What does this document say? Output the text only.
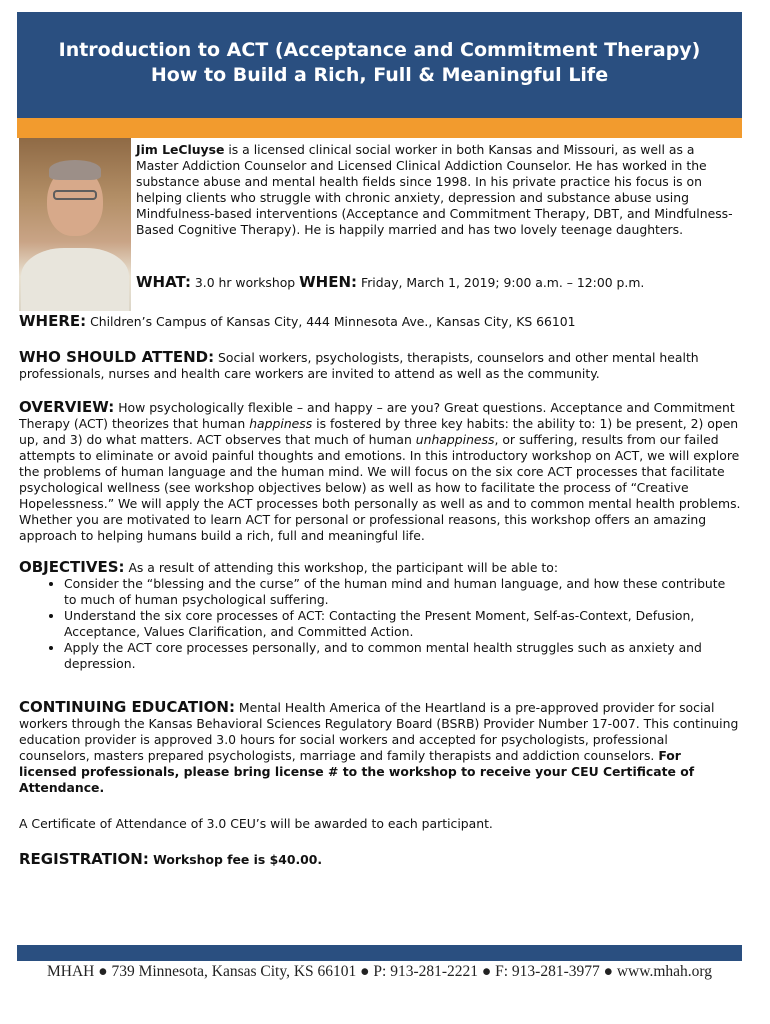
Introduction to ACT (Acceptance and Commitment Therapy)
How to Build a Rich, Full & Meaningful Life
Jim LeCluyse is a licensed clinical social worker in both Kansas and Missouri, as well as a Master Addiction Counselor and Licensed Clinical Addiction Counselor. He has worked in the substance abuse and mental health fields since 1998. In his private practice his focus is on helping clients who struggle with chronic anxiety, depression and substance abuse using Mindfulness-based interventions (Acceptance and Commitment Therapy, DBT, and Mindfulness-Based Cognitive Therapy). He is happily married and has two lovely teenage daughters.
WHAT: 3.0 hr workshop WHEN: Friday, March 1, 2019; 9:00 a.m. – 12:00 p.m.
WHERE: Children’s Campus of Kansas City, 444 Minnesota Ave., Kansas City, KS 66101
WHO SHOULD ATTEND: Social workers, psychologists, therapists, counselors and other mental health professionals, nurses and health care workers are invited to attend as well as the community.
OVERVIEW: How psychologically flexible – and happy – are you? Great questions. Acceptance and Commitment Therapy (ACT) theorizes that human happiness is fostered by three key habits: the ability to: 1) be present, 2) open up, and 3) do what matters. ACT observes that much of human unhappiness, or suffering, results from our failed attempts to eliminate or avoid painful thoughts and emotions. In this introductory workshop on ACT, we will explore the problems of human language and the human mind. We will focus on the six core ACT processes that facilitate psychological wellness (see workshop objectives below) as well as how to facilitate the process of “Creative Hopelessness.” We will apply the ACT processes both personally as well as and to common mental health problems. Whether you are motivated to learn ACT for personal or professional reasons, this workshop offers an amazing approach to helping humans build a rich, full and meaningful life.
OBJECTIVES: As a result of attending this workshop, the participant will be able to:
• Consider the “blessing and the curse” of the human mind and human language, and how these contribute to much of human psychological suffering.
• Understand the six core processes of ACT: Contacting the Present Moment, Self-as-Context, Defusion, Acceptance, Values Clarification, and Committed Action.
• Apply the ACT core processes personally, and to common mental health struggles such as anxiety and depression.
CONTINUING EDUCATION: Mental Health America of the Heartland is a pre-approved provider for social workers through the Kansas Behavioral Sciences Regulatory Board (BSRB) Provider Number 17-007. This continuing education provider is approved 3.0 hours for social workers and accepted for psychologists, professional counselors, masters prepared psychologists, marriage and family therapists and addiction counselors. For licensed professionals, please bring license # to the workshop to receive your CEU Certificate of Attendance.
A Certificate of Attendance of 3.0 CEU’s will be awarded to each participant.
REGISTRATION: Workshop fee is $40.00.
MHAH ● 739 Minnesota, Kansas City, KS 66101 ● P: 913-281-2221 ● F: 913-281-3977 ● www.mhah.org
